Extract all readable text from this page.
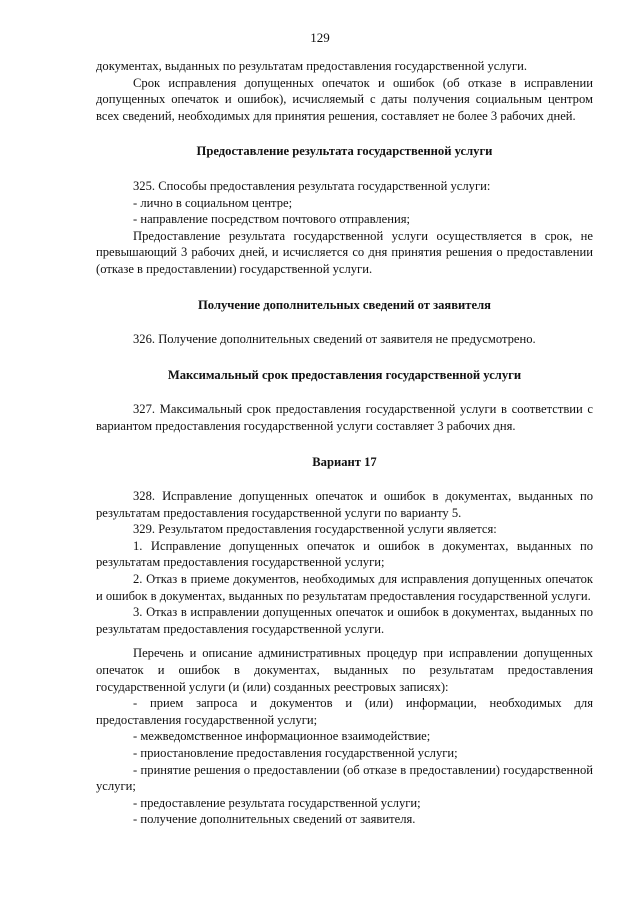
129

документах, выданных по результатам предоставления государственной услуги.

Срок исправления допущенных опечаток и ошибок (об отказе в исправлении допущенных опечаток и ошибок), исчисляемый с даты получения социальным центром всех сведений, необходимых для принятия решения, составляет не более 3 рабочих дней.

Предоставление результата государственной услуги

325. Способы предоставления результата государственной услуги:

- лично в социальном центре;

- направление посредством почтового отправления;

Предоставление результата государственной услуги осуществляется в срок, не превышающий 3 рабочих дней, и исчисляется со дня принятия решения о предоставлении (отказе в предоставлении) государственной услуги.

Получение дополнительных сведений от заявителя

326. Получение дополнительных сведений от заявителя не предусмотрено.

Максимальный срок предоставления государственной услуги

327. Максимальный срок предоставления государственной услуги в соответствии с вариантом предоставления государственной услуги составляет 3 рабочих дня.

Вариант 17

328. Исправление допущенных опечаток и ошибок в документах, выданных по результатам предоставления государственной услуги по варианту 5.

329. Результатом предоставления государственной услуги является:

1. Исправление допущенных опечаток и ошибок в документах, выданных по результатам предоставления государственной услуги;

2. Отказ в приеме документов, необходимых для исправления допущенных опечаток и ошибок в документах, выданных по результатам предоставления государственной услуги.

3. Отказ в исправлении допущенных опечаток и ошибок в документах, выданных по результатам предоставления государственной услуги.

Перечень и описание административных процедур при исправлении допущенных опечаток и ошибок в документах, выданных по результатам предоставления государственной услуги (и (или) созданных реестровых записях):

- прием запроса и документов и (или) информации, необходимых для предоставления государственной услуги;

- межведомственное информационное взаимодействие;

- приостановление предоставления государственной услуги;

- принятие решения о предоставлении (об отказе в предоставлении) государственной услуги;

- предоставление результата государственной услуги;

- получение дополнительных сведений от заявителя.
